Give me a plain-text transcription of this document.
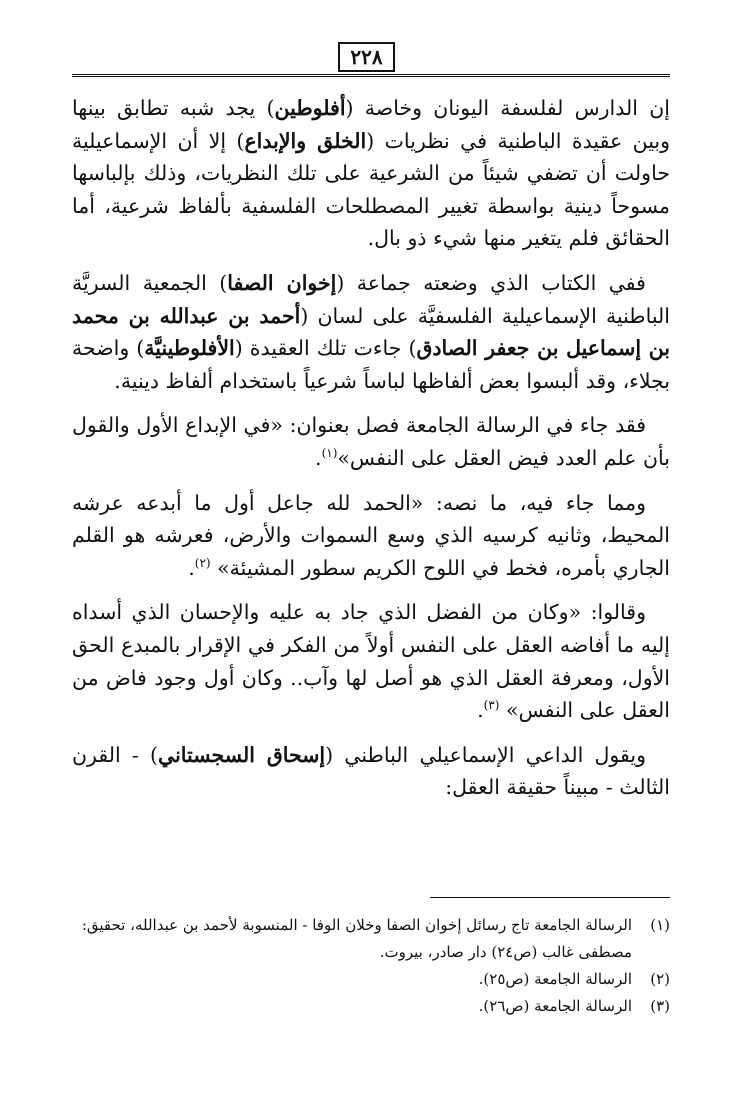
٢٢٨

إن الدارس لفلسفة اليونان وخاصة (أفلوطين) يجد شبه تطابق بينها وبين عقيدة الباطنية في نظريات (الخلق والإبداع) إلا أن الإسماعيلية حاولت أن تضفي شيئاً من الشرعية على تلك النظريات، وذلك بإلباسها مسوحاً دينية بواسطة تغيير المصطلحات الفلسفية بألفاظ شرعية، أما الحقائق فلم يتغير منها شيء ذو بال.

ففي الكتاب الذي وضعته جماعة (إخوان الصفا) الجمعية السريَّة الباطنية الإسماعيلية الفلسفيَّة على لسان (أحمد بن عبدالله بن محمد بن إسماعيل بن جعفر الصادق) جاءت تلك العقيدة (الأفلوطينيَّة) واضحة بجلاء، وقد ألبسوا بعض ألفاظها لباساً شرعياً باستخدام ألفاظ دينية.

فقد جاء في الرسالة الجامعة فصل بعنوان: «في الإبداع الأول والقول بأن علم العدد فيض العقل على النفس»$^{(١)}$.

ومما جاء فيه، ما نصه: «الحمد لله جاعل أول ما أبدعه عرشه المحيط، وثانيه كرسيه الذي وسع السموات والأرض، فعرشه هو القلم الجاري بأمره، فخط في اللوح الكريم سطور المشيئة» $^{(٢)}$.

وقالوا: «وكان من الفضل الذي جاد به عليه والإحسان الذي أسداه إليه ما أفاضه العقل على النفس أولاً من الفكر في الإقرار بالمبدع الحق الأول، ومعرفة العقل الذي هو أصل لها وآب.. وكان أول وجود فاض من العقل على النفس» $^{(٣)}$.

ويقول الداعي الإسماعيلي الباطني (إسحاق السجستاني) - القرن الثالث - مبيناً حقيقة العقل:

(١)
الرسالة الجامعة تاج رسائل إخوان الصفا وخلان الوفا - المنسوبة لأحمد بن عبدالله، تحقيق: مصطفى غالب (ص٢٤) دار صادر، بيروت.
(٢)
الرسالة الجامعة (ص٢٥).
(٣)
الرسالة الجامعة (ص٢٦).
